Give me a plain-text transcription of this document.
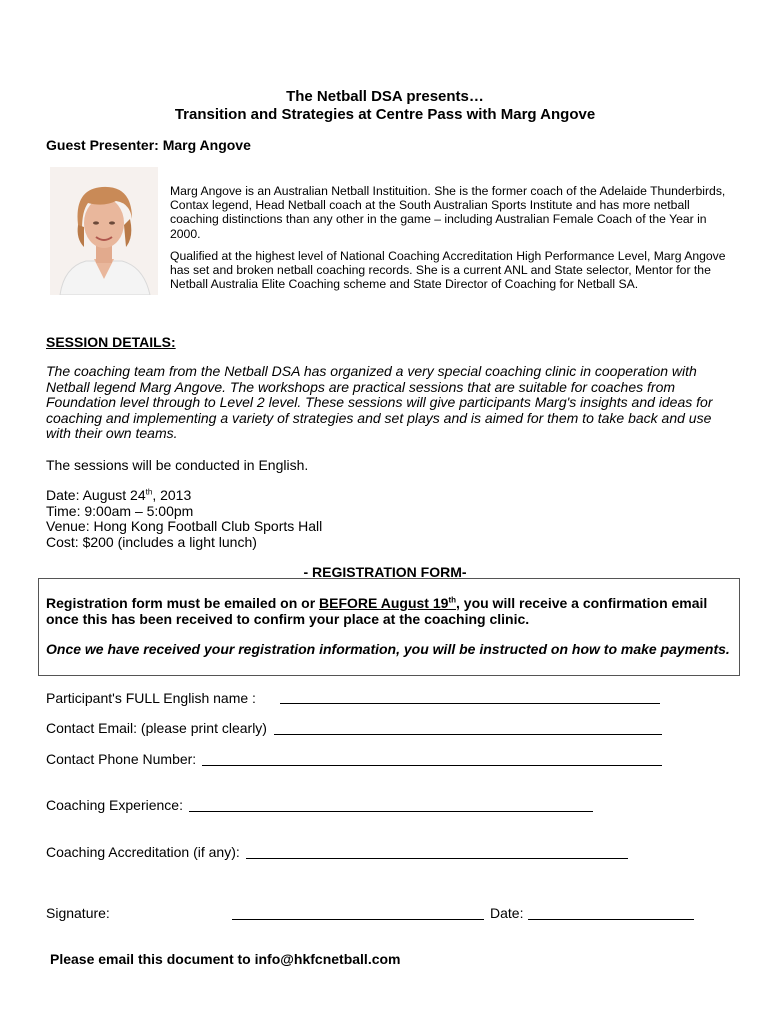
The Netball DSA presents…
Transition and Strategies at Centre Pass with Marg Angove
Guest Presenter: Marg Angove
Marg Angove is an Australian Netball Instituition. She is the former coach of the Adelaide Thunderbirds, Contax legend, Head Netball coach at the South Australian Sports Institute and has more netball coaching distinctions than any other in the game – including Australian Female Coach of the Year in 2000.
Qualified at the highest level of National Coaching Accreditation High Performance Level, Marg Angove has set and broken netball coaching records. She is a current ANL and State selector, Mentor for the Netball Australia Elite Coaching scheme and State Director of Coaching for Netball SA.
SESSION DETAILS:
The coaching team from the Netball DSA has organized a very special coaching clinic in cooperation with Netball legend Marg Angove. The workshops are practical sessions that are suitable for coaches from Foundation level through to Level 2 level. These sessions will give participants Marg's insights and ideas for coaching and implementing a variety of strategies and set plays and is aimed for them to take back and use with their own teams.
The sessions will be conducted in English.
Date: August 24th, 2013
Time: 9:00am – 5:00pm
Venue: Hong Kong Football Club Sports Hall
Cost: $200 (includes a light lunch)
- REGISTRATION FORM-
Registration form must be emailed on or BEFORE August 19th, you will receive a confirmation email once this has been received to confirm your place at the coaching clinic.
Once we have received your registration information, you will be instructed on how to make payments.
Participant's FULL English name :
Contact Email: (please print clearly)
Contact Phone Number:
Coaching Experience:
Coaching Accreditation (if any):
Signature:	Date:
Please email this document to info@hkfcnetball.com
